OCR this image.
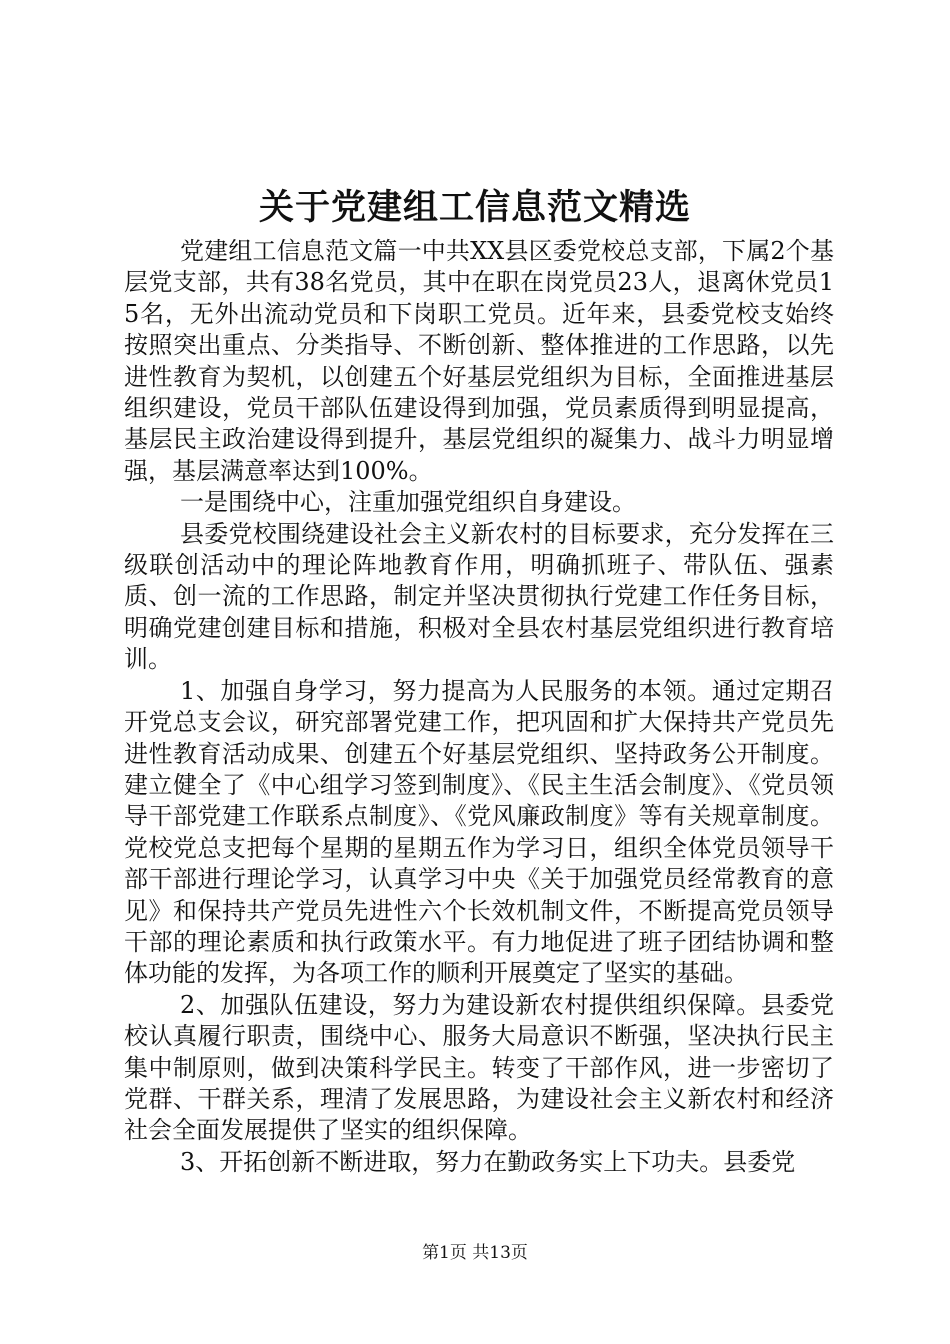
关于党建组工信息范文精选

党建组工信息范文篇一中共XX县区委党校总支部，下属2个基层党支部，共有38名党员，其中在职在岗党员23人，退离休党员15名，无外出流动党员和下岗职工党员。近年来，县委党校支始终按照突出重点、分类指导、不断创新、整体推进的工作思路，以先进性教育为契机，以创建五个好基层党组织为目标，全面推进基层组织建设，党员干部队伍建设得到加强，党员素质得到明显提高，基层民主政治建设得到提升，基层党组织的凝集力、战斗力明显增强，基层满意率达到100%。

一是围绕中心，注重加强党组织自身建设。

县委党校围绕建设社会主义新农村的目标要求，充分发挥在三级联创活动中的理论阵地教育作用，明确抓班子、带队伍、强素质、创一流的工作思路，制定并坚决贯彻执行党建工作任务目标，明确党建创建目标和措施，积极对全县农村基层党组织进行教育培训。

1、加强自身学习，努力提高为人民服务的本领。通过定期召开党总支会议，研究部署党建工作，把巩固和扩大保持共产党员先进性教育活动成果、创建五个好基层党组织、坚持政务公开制度。建立健全了《中心组学习签到制度》、《民主生活会制度》、《党员领导干部党建工作联系点制度》、《党风廉政制度》等有关规章制度。党校党总支把每个星期的星期五作为学习日，组织全体党员领导干部干部进行理论学习，认真学习中央《关于加强党员经常教育的意见》和保持共产党员先进性六个长效机制文件，不断提高党员领导干部的理论素质和执行政策水平。有力地促进了班子团结协调和整体功能的发挥，为各项工作的顺利开展奠定了坚实的基础。

2、加强队伍建设，努力为建设新农村提供组织保障。县委党校认真履行职责，围绕中心、服务大局意识不断强，坚决执行民主集中制原则，做到决策科学民主。转变了干部作风，进一步密切了党群、干群关系，理清了发展思路，为建设社会主义新农村和经济社会全面发展提供了坚实的组织保障。

3、开拓创新不断进取，努力在勤政务实上下功夫。县委党

第1页 共13页
